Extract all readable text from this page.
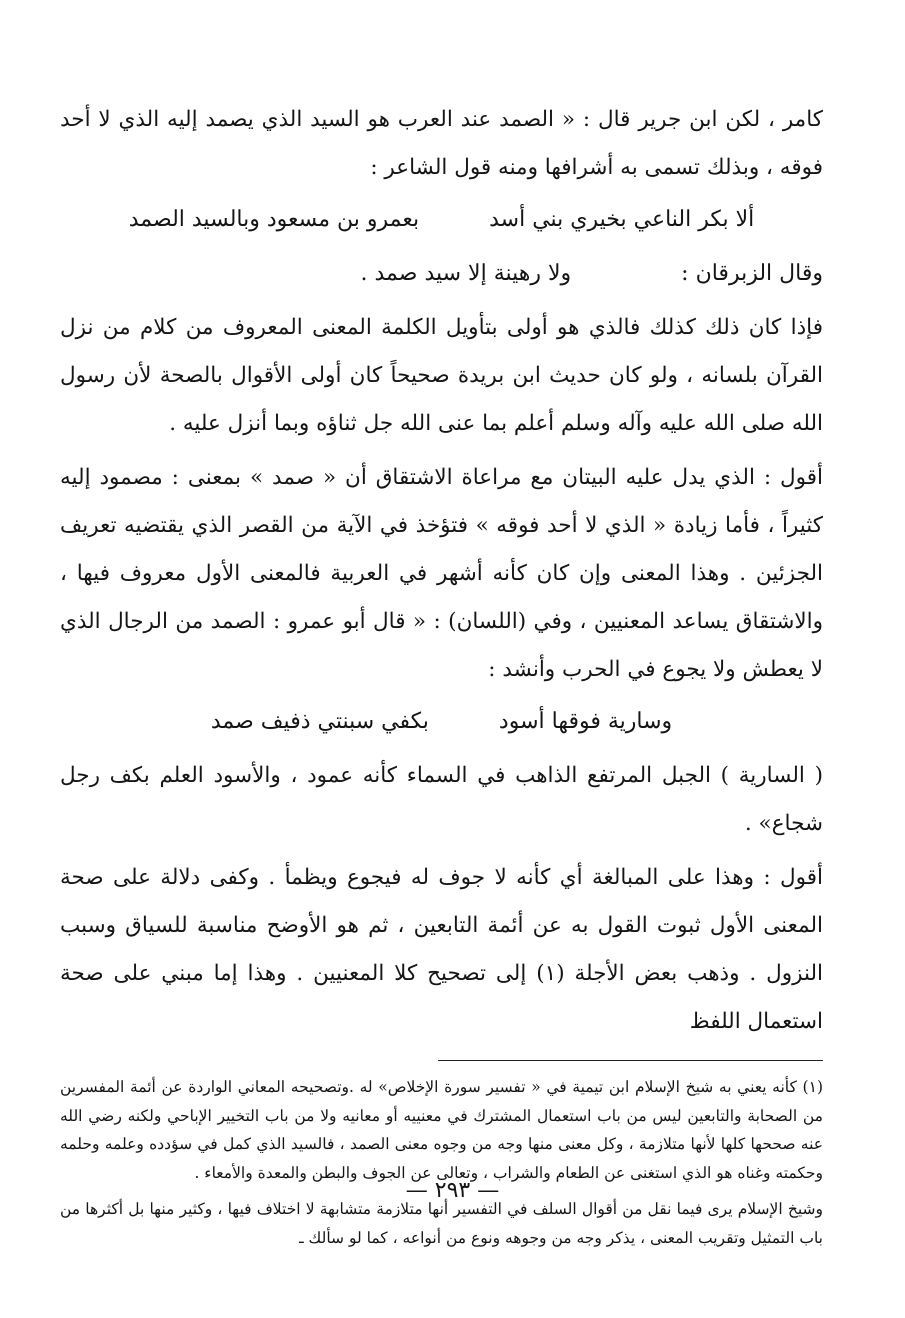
كامر ، لكن ابن جرير قال : « الصمد عند العرب هو السيد الذي يصمد إليه الذي لا أحد فوقه ، وبذلك تسمى به أشرافها ومنه قول الشاعر :

ألا بكر الناعي بخيري بني أسد
بعمرو بن مسعود وبالسيد الصمد
وقال الزبرقان :
ولا رهينة إلا سيد صمد .

فإذا كان ذلك كذلك فالذي هو أولى بتأويل الكلمة المعنى المعروف من كلام من نزل القرآن بلسانه ، ولو كان حديث ابن بريدة صحيحاً كان أولى الأقوال بالصحة لأن رسول الله صلى الله عليه وآله وسلم أعلم بما عنى الله جل ثناؤه وبما أنزل عليه .

أقول : الذي يدل عليه البيتان مع مراعاة الاشتقاق أن « صمد » بمعنى : مصمود إليه كثيراً ، فأما زيادة « الذي لا أحد فوقه » فتؤخذ في الآية من القصر الذي يقتضيه تعريف الجزئين . وهذا المعنى وإن كان كأنه أشهر في العربية فالمعنى الأول معروف فيها ، والاشتقاق يساعد المعنيين ، وفي (اللسان) : « قال أبو عمرو : الصمد من الرجال الذي لا يعطش ولا يجوع في الحرب وأنشد :

وسارية فوقها أسود
بكفي سبنتي ذفيف صمد

( السارية ) الجبل المرتفع الذاهب في السماء كأنه عمود ، والأسود العلم بكف رجل شجاع» .

أقول : وهذا على المبالغة أي كأنه لا جوف له فيجوع ويظمأ . وكفى دلالة على صحة المعنى الأول ثبوت القول به عن أئمة التابعين ، ثم هو الأوضح مناسبة للسياق وسبب النزول . وذهب بعض الأجلة (١) إلى تصحيح كلا المعنيين . وهذا إما مبني على صحة استعمال اللفظ

(١) كأنه يعني به شيخ الإسلام ابن تيمية في « تفسير سورة الإخلاص» له .وتصحيحه المعاني الواردة عن أئمة المفسرين من الصحابة والتابعين ليس من باب استعمال المشترك في معنييه أو معانيه ولا من باب التخيير الإباحي ولكنه رضي الله عنه صححها كلها لأنها متلازمة ، وكل معنى منها وجه من وجوه معنى الصمد ، فالسيد الذي كمل في سؤدده وعلمه وحلمه وحكمته وغناه هو الذي استغنى عن الطعام والشراب ، وتعالى عن الجوف والبطن والمعدة والأمعاء .

وشيخ الإسلام يرى فيما نقل من أقوال السلف في التفسير أنها متلازمة متشابهة لا اختلاف فيها ، وكثير منها بل أكثرها من باب التمثيل وتقريب المعنى ، يذكر وجه من وجوهه ونوع من أنواعه ، كما لو سألك ـ

— ٢٩٣ —
